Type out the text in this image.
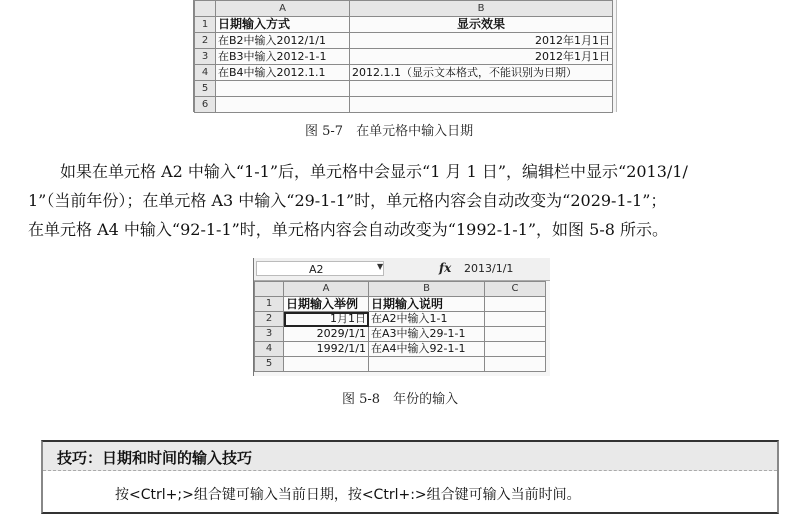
	A	B
1	日期输入方式	显示效果
2	在B2中输入2012/1/1	2012年1月1日
3	在B3中输入2012-1-1	2012年1月1日
4	在B4中输入2012.1.1	2012.1.1（显示文本格式，不能识别为日期）
5		
6		
图 5-7　在单元格中输入日期
如果在单元格 A2 中输入“1-1”后，单元格中会显示“1 月 1 日”，编辑栏中显示“2013/1/
1”（当前年份）；在单元格 A3 中输入“29-1-1”时，单元格内容会自动改变为“2029-1-1”；
在单元格 A4 中输入“92-1-1”时，单元格内容会自动改变为“1992-1-1”，如图 5-8 所示。
A2	▼	fx 2013/1/1
	A	B	C
1	日期输入举例	日期输入说明	
2	1月1日	在A2中输入1-1	
3	2029/1/1	在A3中输入29-1-1	
4	1992/1/1	在A4中输入92-1-1	
5			
图 5-8　年份的输入
技巧：日期和时间的输入技巧
按<Ctrl+;>组合键可输入当前日期，按<Ctrl+:>组合键可输入当前时间。
